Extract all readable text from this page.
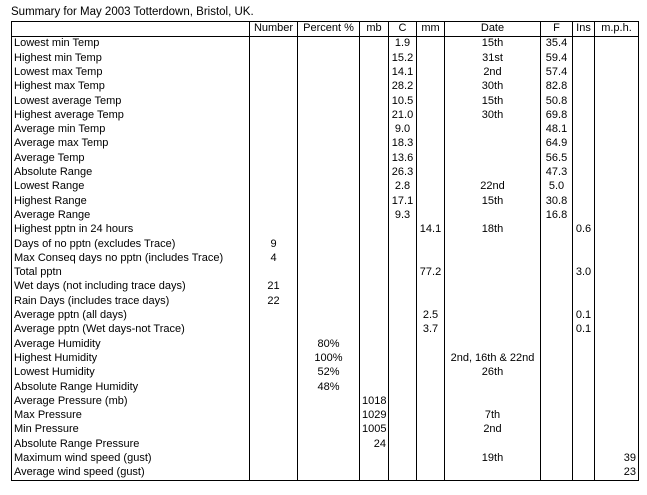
Summary for May 2003 Totterdown, Bristol, UK.
	Number	Percent %	mb	C	mm	Date	F	Ins	m.p.h.
Lowest min Temp				1.9		15th	35.4		
Highest min Temp				15.2		31st	59.4		
Lowest max Temp				14.1		2nd	57.4		
Highest max Temp				28.2		30th	82.8		
Lowest average Temp				10.5		15th	50.8		
Highest average Temp				21.0		30th	69.8		
Average min Temp				9.0			48.1		
Average max Temp				18.3			64.9		
Average Temp				13.6			56.5		
Absolute Range				26.3			47.3		
Lowest Range				2.8		22nd	5.0		
Highest Range				17.1		15th	30.8		
Average Range				9.3			16.8		
Highest pptn in 24 hours					14.1	18th		0.6	
Days of no pptn (excludes Trace)	9								
Max Conseq days no pptn (includes Trace)	4								
Total pptn					77.2			3.0	
Wet days (not including trace days)	21								
Rain Days (includes trace days)	22								
Average pptn (all days)					2.5			0.1	
Average pptn (Wet days-not Trace)					3.7			0.1	
Average Humidity		80%							
Highest Humidity		100%				2nd, 16th & 22nd			
Lowest Humidity		52%				26th			
Absolute Range Humidity		48%							
Average Pressure (mb)			1018						
Max Pressure			1029			7th			
Min Pressure			1005			2nd			
Absolute Range Pressure			24						
Maximum wind speed (gust)						19th			39
Average wind speed (gust)									23
